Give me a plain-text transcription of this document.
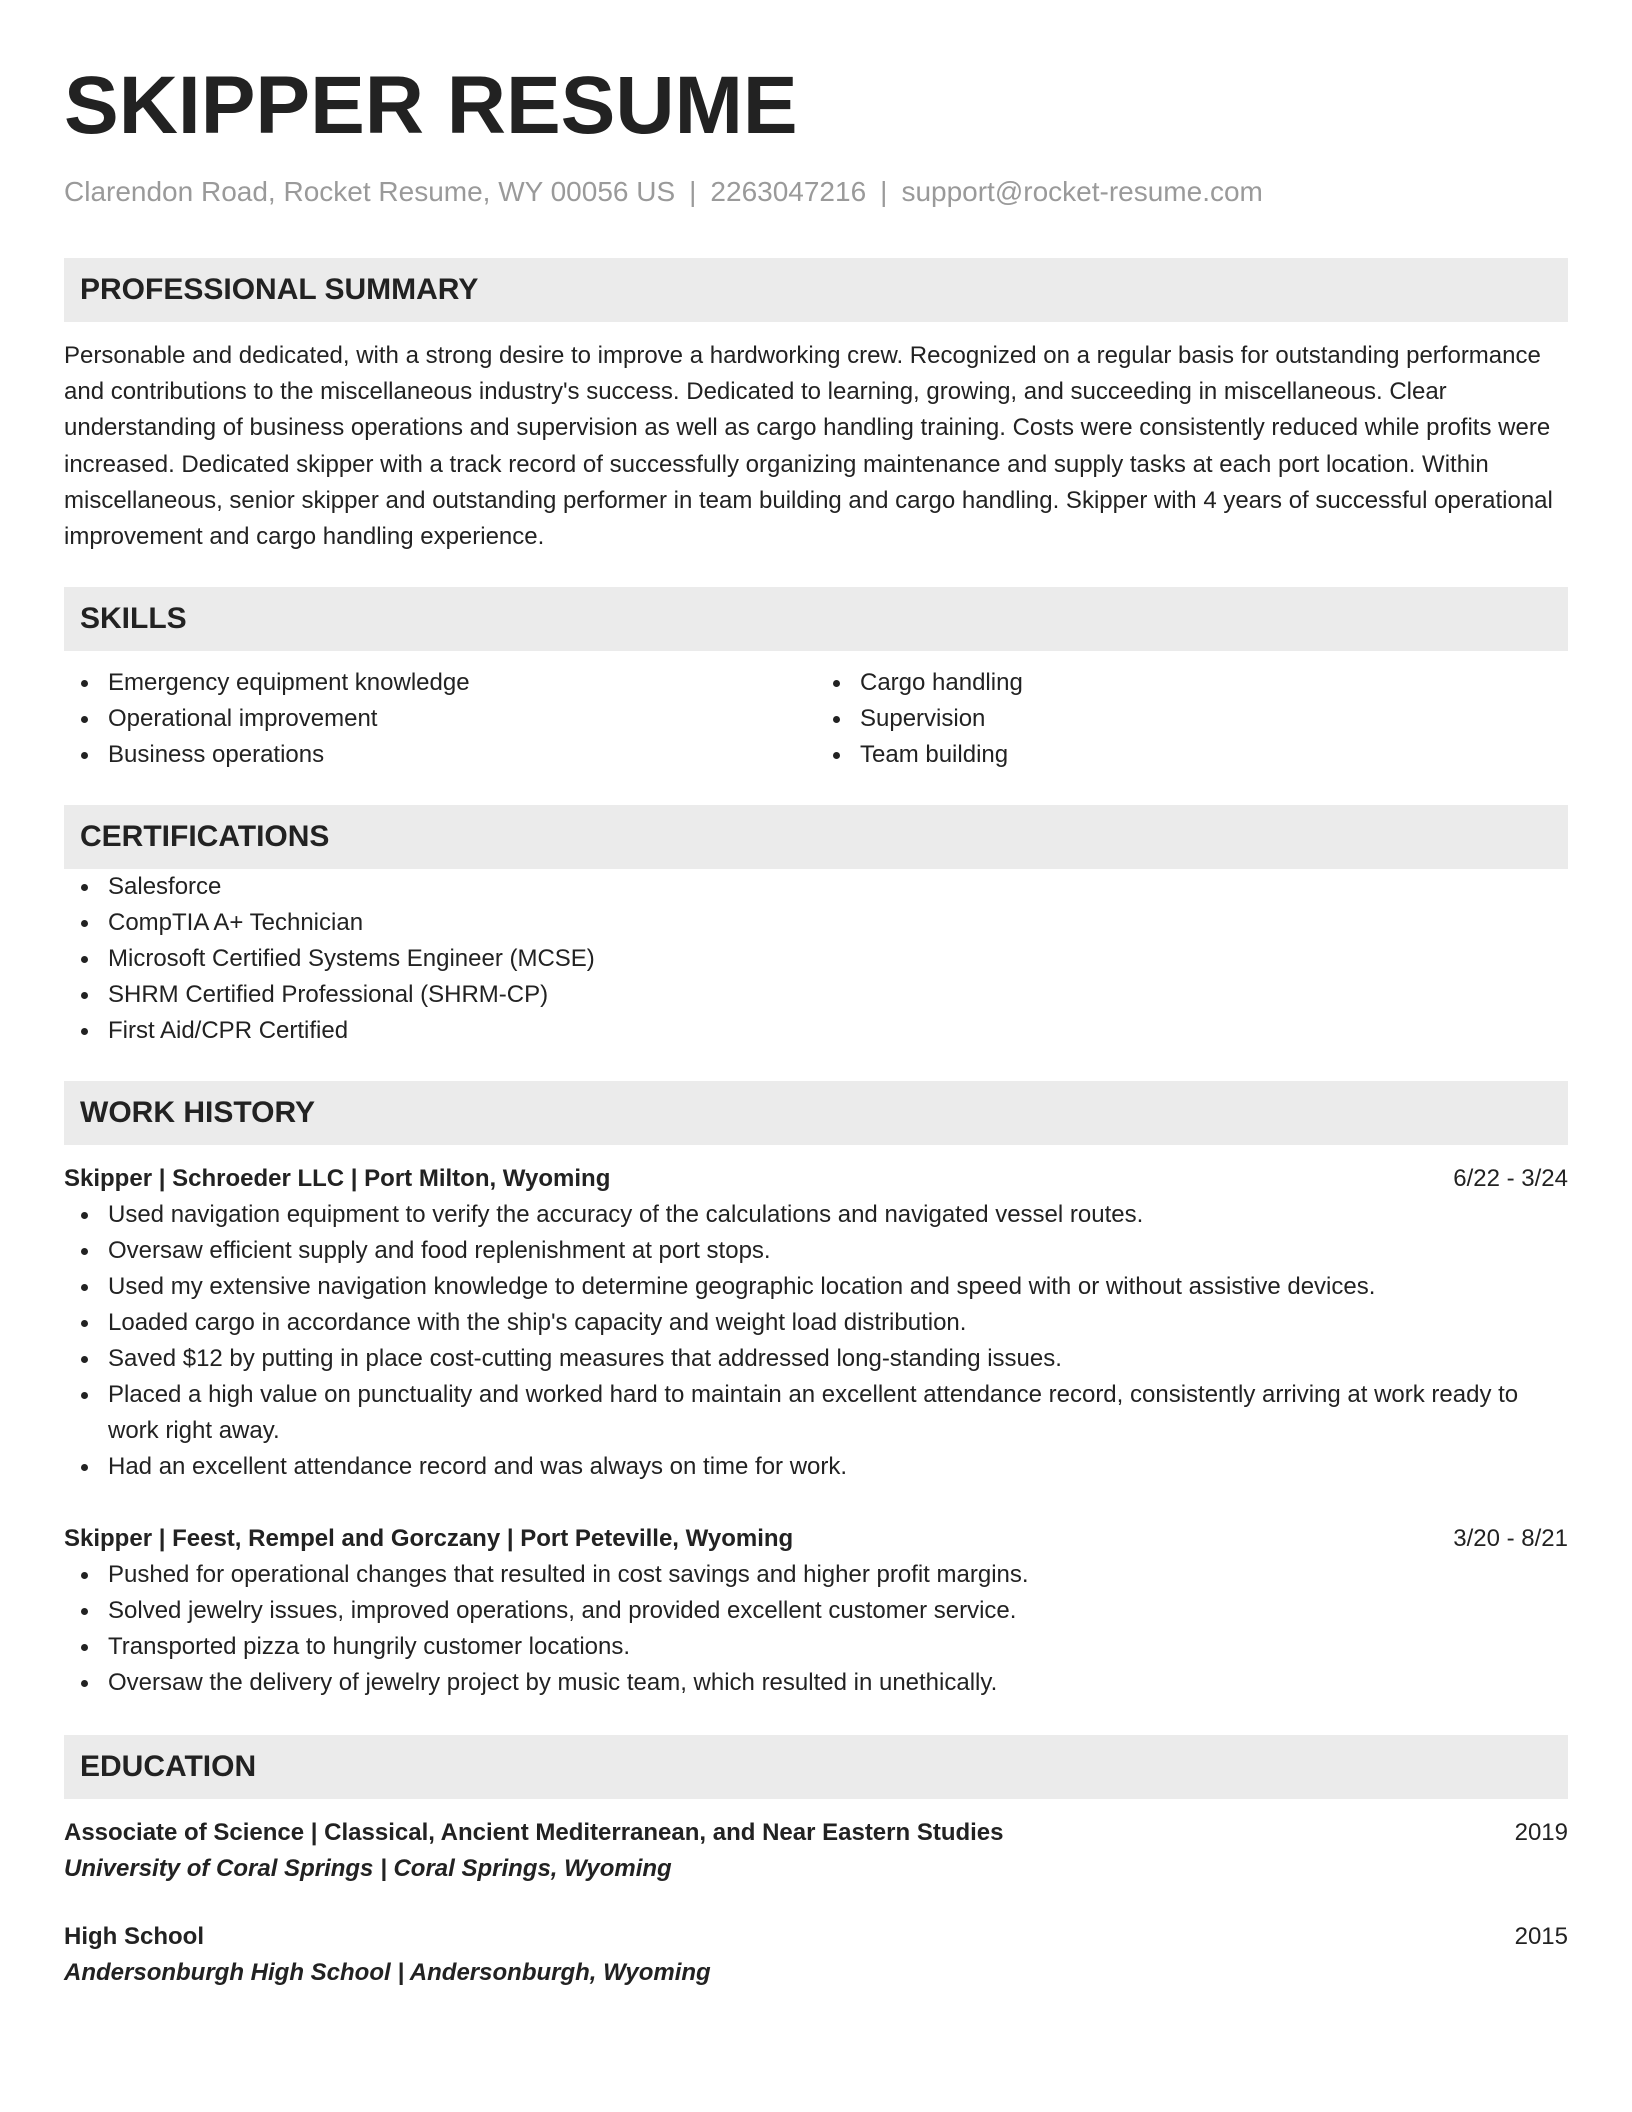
SKIPPER RESUME
Clarendon Road, Rocket Resume, WY 00056 US | 2263047216 | support@rocket-resume.com
PROFESSIONAL SUMMARY
Personable and dedicated, with a strong desire to improve a hardworking crew. Recognized on a regular basis for outstanding performance and contributions to the miscellaneous industry's success. Dedicated to learning, growing, and succeeding in miscellaneous. Clear understanding of business operations and supervision as well as cargo handling training. Costs were consistently reduced while profits were increased. Dedicated skipper with a track record of successfully organizing maintenance and supply tasks at each port location. Within miscellaneous, senior skipper and outstanding performer in team building and cargo handling. Skipper with 4 years of successful operational improvement and cargo handling experience.
SKILLS
Emergency equipment knowledge
Operational improvement
Business operations
Cargo handling
Supervision
Team building
CERTIFICATIONS
Salesforce
CompTIA A+ Technician
Microsoft Certified Systems Engineer (MCSE)
SHRM Certified Professional (SHRM-CP)
First Aid/CPR Certified
WORK HISTORY
Skipper | Schroeder LLC | Port Milton, Wyoming	6/22 - 3/24
Used navigation equipment to verify the accuracy of the calculations and navigated vessel routes.
Oversaw efficient supply and food replenishment at port stops.
Used my extensive navigation knowledge to determine geographic location and speed with or without assistive devices.
Loaded cargo in accordance with the ship's capacity and weight load distribution.
Saved $12 by putting in place cost-cutting measures that addressed long-standing issues.
Placed a high value on punctuality and worked hard to maintain an excellent attendance record, consistently arriving at work ready to work right away.
Had an excellent attendance record and was always on time for work.
Skipper | Feest, Rempel and Gorczany | Port Peteville, Wyoming	3/20 - 8/21
Pushed for operational changes that resulted in cost savings and higher profit margins.
Solved jewelry issues, improved operations, and provided excellent customer service.
Transported pizza to hungrily customer locations.
Oversaw the delivery of jewelry project by music team, which resulted in unethically.
EDUCATION
Associate of Science | Classical, Ancient Mediterranean, and Near Eastern Studies	2019
University of Coral Springs | Coral Springs, Wyoming
High School	2015
Andersonburgh High School | Andersonburgh, Wyoming
